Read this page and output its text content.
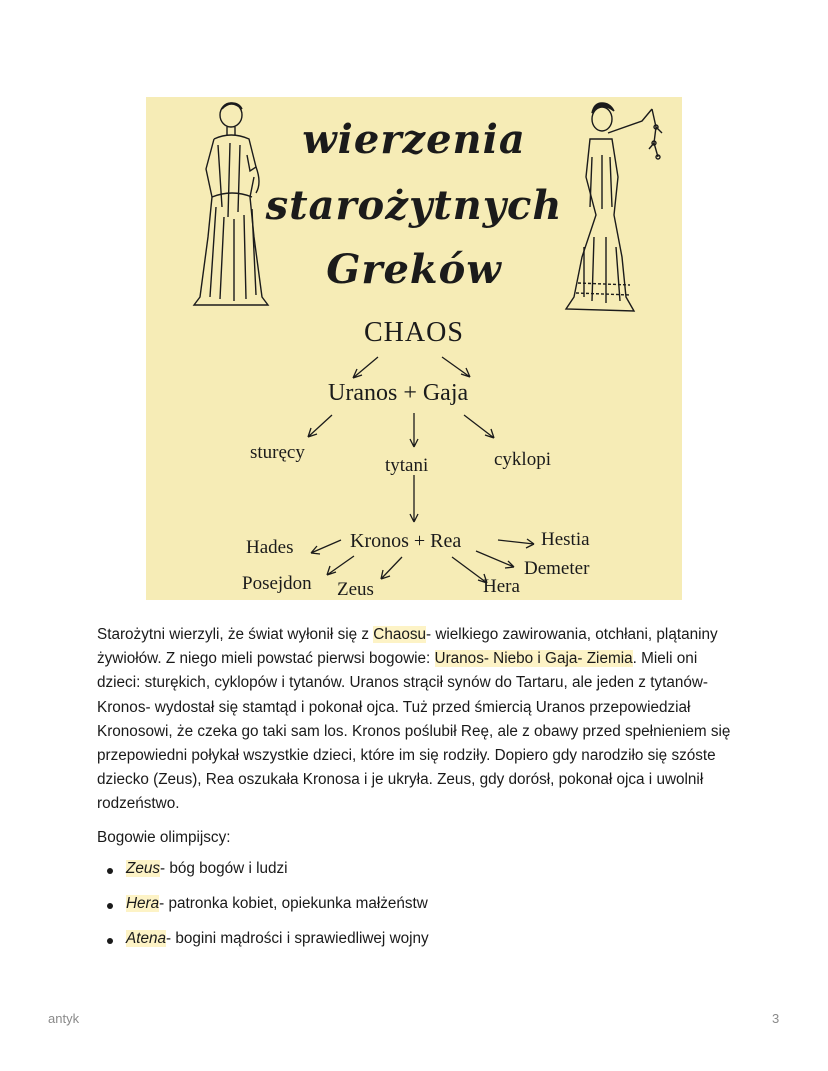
wierzenia
starożytnych
Greków
CHAOS
Uranos + Gaja
sturęcy
tytani	cyklopi
Kronos + Rea
Hades
Posejdon Zeus	Hera
Hestia
Demeter

Starożytni wierzyli, że świat wyłonił się z Chaosu- wielkiego zawirowania, otchłani, plątaniny żywiołów. Z niego mieli powstać pierwsi bogowie: Uranos- Niebo i Gaja- Ziemia. Mieli oni dzieci: sturękich, cyklopów i tytanów. Uranos strącił synów do Tartaru, ale jeden z tytanów- Kronos- wydostał się stamtąd i pokonał ojca. Tuż przed śmiercią Uranos przepowiedział Kronosowi, że czeka go taki sam los. Kronos poślubił Reę, ale z obawy przed spełnieniem się przepowiedni połykał wszystkie dzieci, które im się rodziły. Dopiero gdy narodziło się szóste dziecko (Zeus), Rea oszukała Kronosa i je ukryła. Zeus, gdy dorósł, pokonał ojca i uwolnił rodzeństwo.

Bogowie olimpijscy:

Zeus- bóg bogów i ludzi
Hera- patronka kobiet, opiekunka małżeństw
Atena- bogini mądrości i sprawiedliwej wojny
antyk	3
